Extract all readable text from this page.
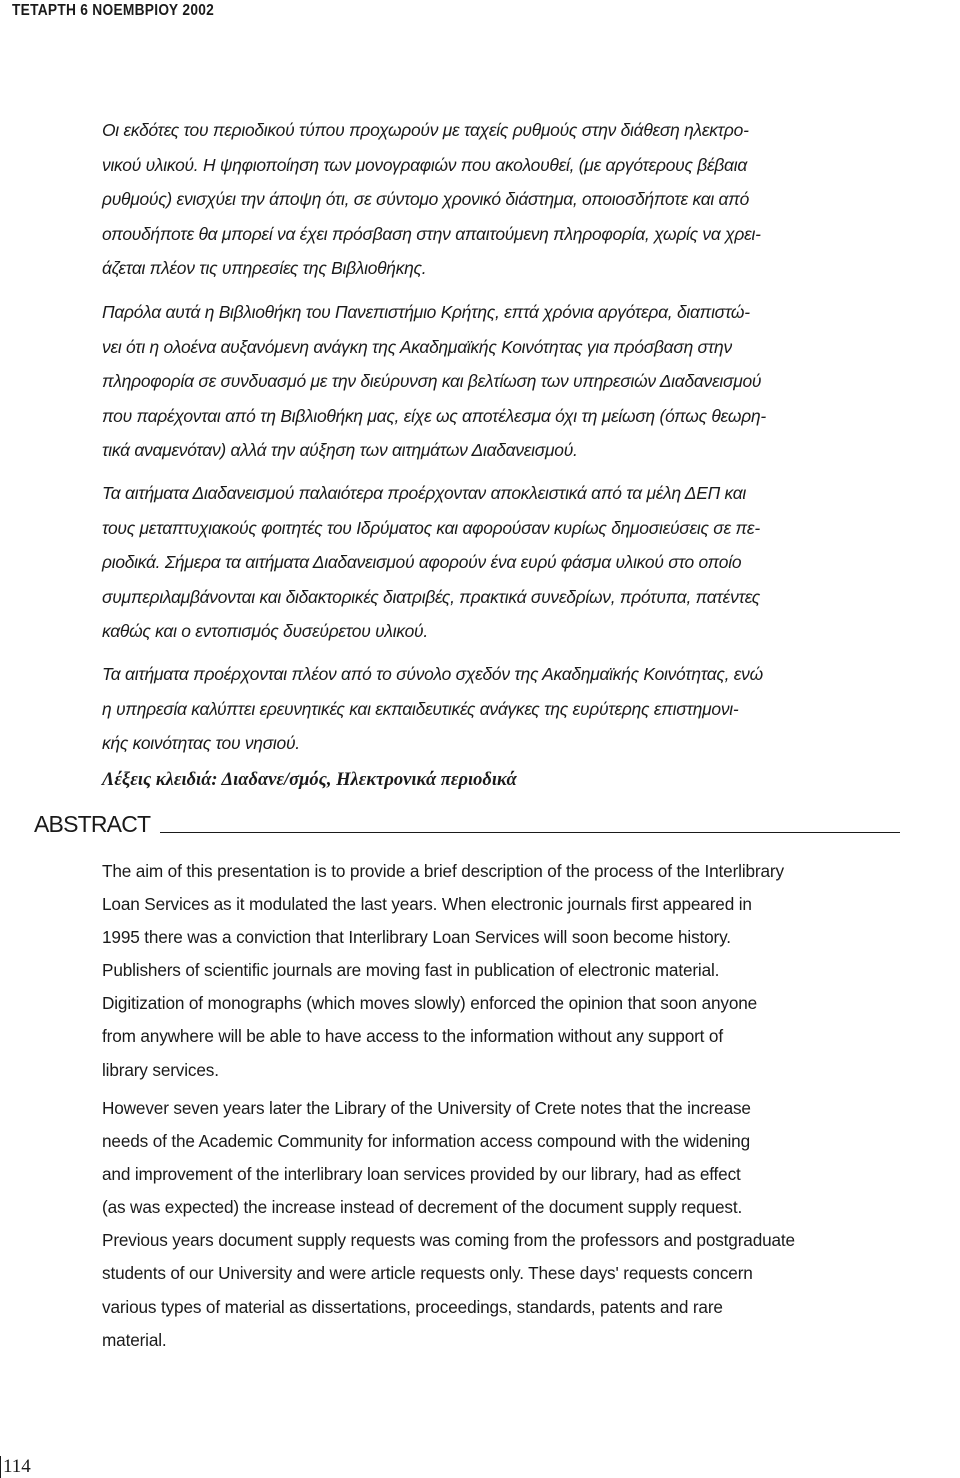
ΤΕΤΑΡΤΗ 6 ΝΟΕΜΒΡΙΟΥ 2002

Οι εκδότες του περιοδικού τύπου προχωρούν με ταχείς ρυθμούς στην διάθεση ηλεκτρο-
νικού υλικού. Η ψηφιοποίηση των μονογραφιών που ακολουθεί, (με αργότερους βέβαια
ρυθμούς) ενισχύει την άποψη ότι, σε σύντομο χρονικό διάστημα, οποιοσδήποτε και από
οπουδήποτε θα μπορεί να έχει πρόσβαση στην απαιτούμενη πληροφορία, χωρίς να χρει-
άζεται πλέον τις υπηρεσίες της Βιβλιοθήκης.

Παρόλα αυτά η Βιβλιοθήκη του Πανεπιστήμιο Κρήτης, επτά χρόνια αργότερα, διαπιστώ-
νει ότι η ολοένα αυξανόμενη ανάγκη της Ακαδημαϊκής Κοινότητας για πρόσβαση στην
πληροφορία σε συνδυασμό με την διεύρυνση και βελτίωση των υπηρεσιών Διαδανεισμού
που παρέχονται από τη Βιβλιοθήκη μας, είχε ως αποτέλεσμα όχι τη μείωση (όπως θεωρη-
τικά αναμενόταν) αλλά την αύξηση των αιτημάτων Διαδανεισμού.

Τα αιτήματα Διαδανεισμού παλαιότερα προέρχονταν αποκλειστικά από τα μέλη ΔΕΠ και
τους μεταπτυχιακούς φοιτητές του Ιδρύματος και αφορούσαν κυρίως δημοσιεύσεις σε πε-
ριοδικά. Σήμερα τα αιτήματα Διαδανεισμού αφορούν ένα ευρύ φάσμα υλικού στο οποίο
συμπεριλαμβάνονται και διδακτορικές διατριβές, πρακτικά συνεδρίων, πρότυπα, πατέντες
καθώς και ο εντοπισμός δυσεύρετου υλικού.

Τα αιτήματα προέρχονται πλέον από το σύνολο σχεδόν της Ακαδημαϊκής Κοινότητας, ενώ
η υπηρεσία καλύπτει ερευνητικές και εκπαιδευτικές ανάγκες της ευρύτερης επιστημονι-
κής κοινότητας του νησιού.

Λέξεις κλειδιά: Διαδανε/σμός, Ηλεκτρονικά περιοδικά
ABSTRACT

The aim of this presentation is to provide a brief description of the process of the Interlibrary
Loan Services as it modulated the last years. When electronic journals first appeared in
1995 there was a conviction that Interlibrary Loan Services will soon become history.
Publishers of scientific journals are moving fast in publication of electronic material.
Digitization of monographs (which moves slowly) enforced the opinion that soon anyone
from anywhere will be able to have access to the information without any support of
library services.

However seven years later the Library of the University of Crete notes that the increase
needs of the Academic Community for information access compound with the widening
and improvement of the interlibrary loan services provided by our library, had as effect
(as was expected) the increase instead of decrement of the document supply request.
Previous years document supply requests was coming from the professors and postgraduate
students of our University and were article requests only. These days' requests concern
various types of material as dissertations, proceedings, standards, patents and rare
material.

114
